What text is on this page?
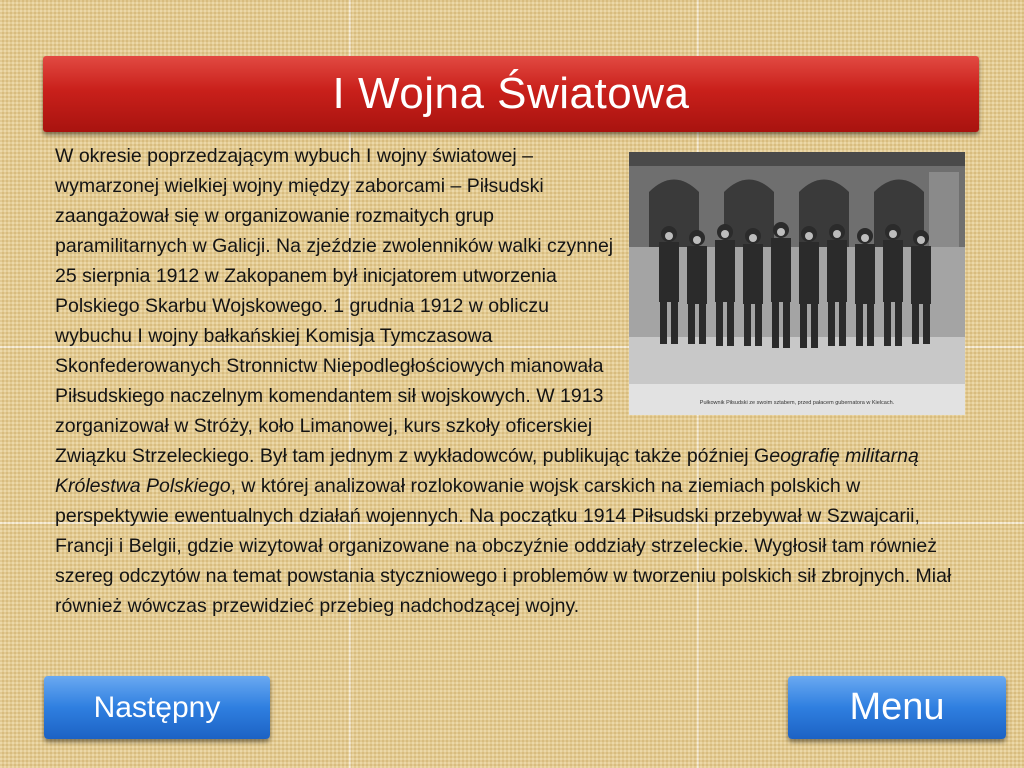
I Wojna Światowa
Pułkownik Piłsudski ze swoim sztabem, przed pałacem gubernatora w Kielcach.

W okresie poprzedzającym wybuch I wojny światowej – wymarzonej wielkiej wojny między zaborcami – Piłsudski zaangażował się w organizowanie rozmaitych grup paramilitarnych w Galicji. Na zjeździe zwolenników walki czynnej 25 sierpnia 1912 w Zakopanem był inicjatorem utworzenia Polskiego Skarbu Wojskowego. 1 grudnia 1912 w obliczu wybuchu I wojny bałkańskiej Komisja Tymczasowa Skonfederowanych Stronnictw Niepodległościowych mianowała Piłsudskiego naczelnym komendantem sił wojskowych. W 1913 zorganizował w Stróży, koło Limanowej, kurs szkoły oficerskiej Związku Strzeleckiego. Był tam jednym z wykładowców, publikując także później Geografię militarną Królestwa Polskiego, w której analizował rozlokowanie wojsk carskich na ziemiach polskich w perspektywie ewentualnych działań wojennych. Na początku 1914 Piłsudski przebywał w Szwajcarii, Francji i Belgii, gdzie wizytował organizowane na obczyźnie oddziały strzeleckie. Wygłosił tam również szereg odczytów na temat powstania styczniowego i problemów w tworzeniu polskich sił zbrojnych. Miał również wówczas przewidzieć przebieg nadchodzącej wojny.

Następny	Menu
